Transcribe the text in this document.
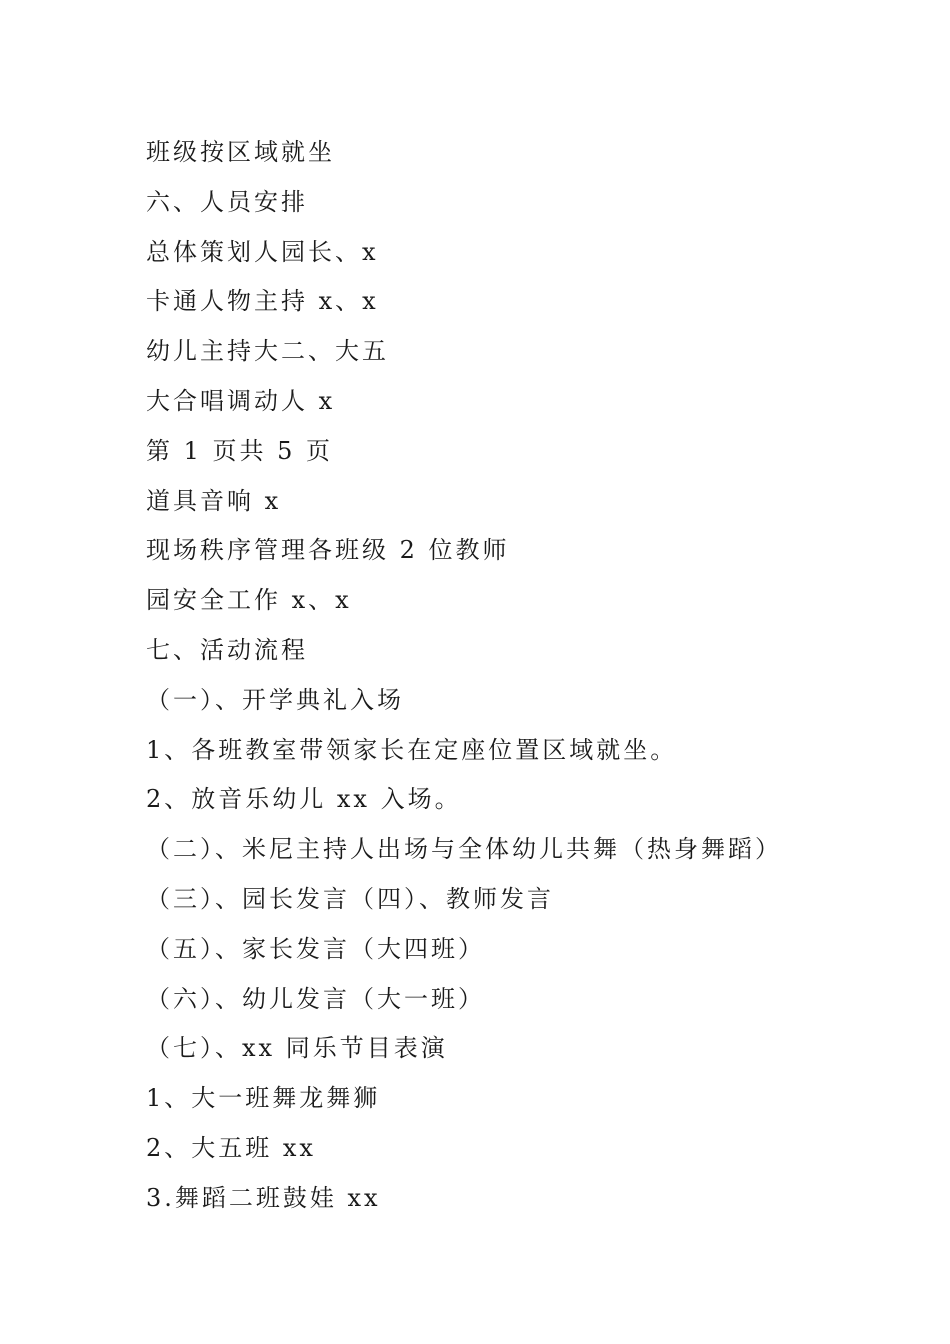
班级按区域就坐
六、人员安排
总体策划人园长、x
卡通人物主持 x、x
幼儿主持大二、大五
大合唱调动人 x
第 1 页共 5 页
道具音响 x
现场秩序管理各班级 2 位教师
园安全工作 x、x
七、活动流程
（一）、开学典礼入场
1、各班教室带领家长在定座位置区域就坐。
2、放音乐幼儿 xx 入场。
（二）、米尼主持人出场与全体幼儿共舞（热身舞蹈）
（三）、园长发言（四）、教师发言
（五）、家长发言（大四班）
（六）、幼儿发言（大一班）
（七）、xx 同乐节目表演
1、大一班舞龙舞狮
2、大五班 xx
3.舞蹈二班鼓娃 xx
